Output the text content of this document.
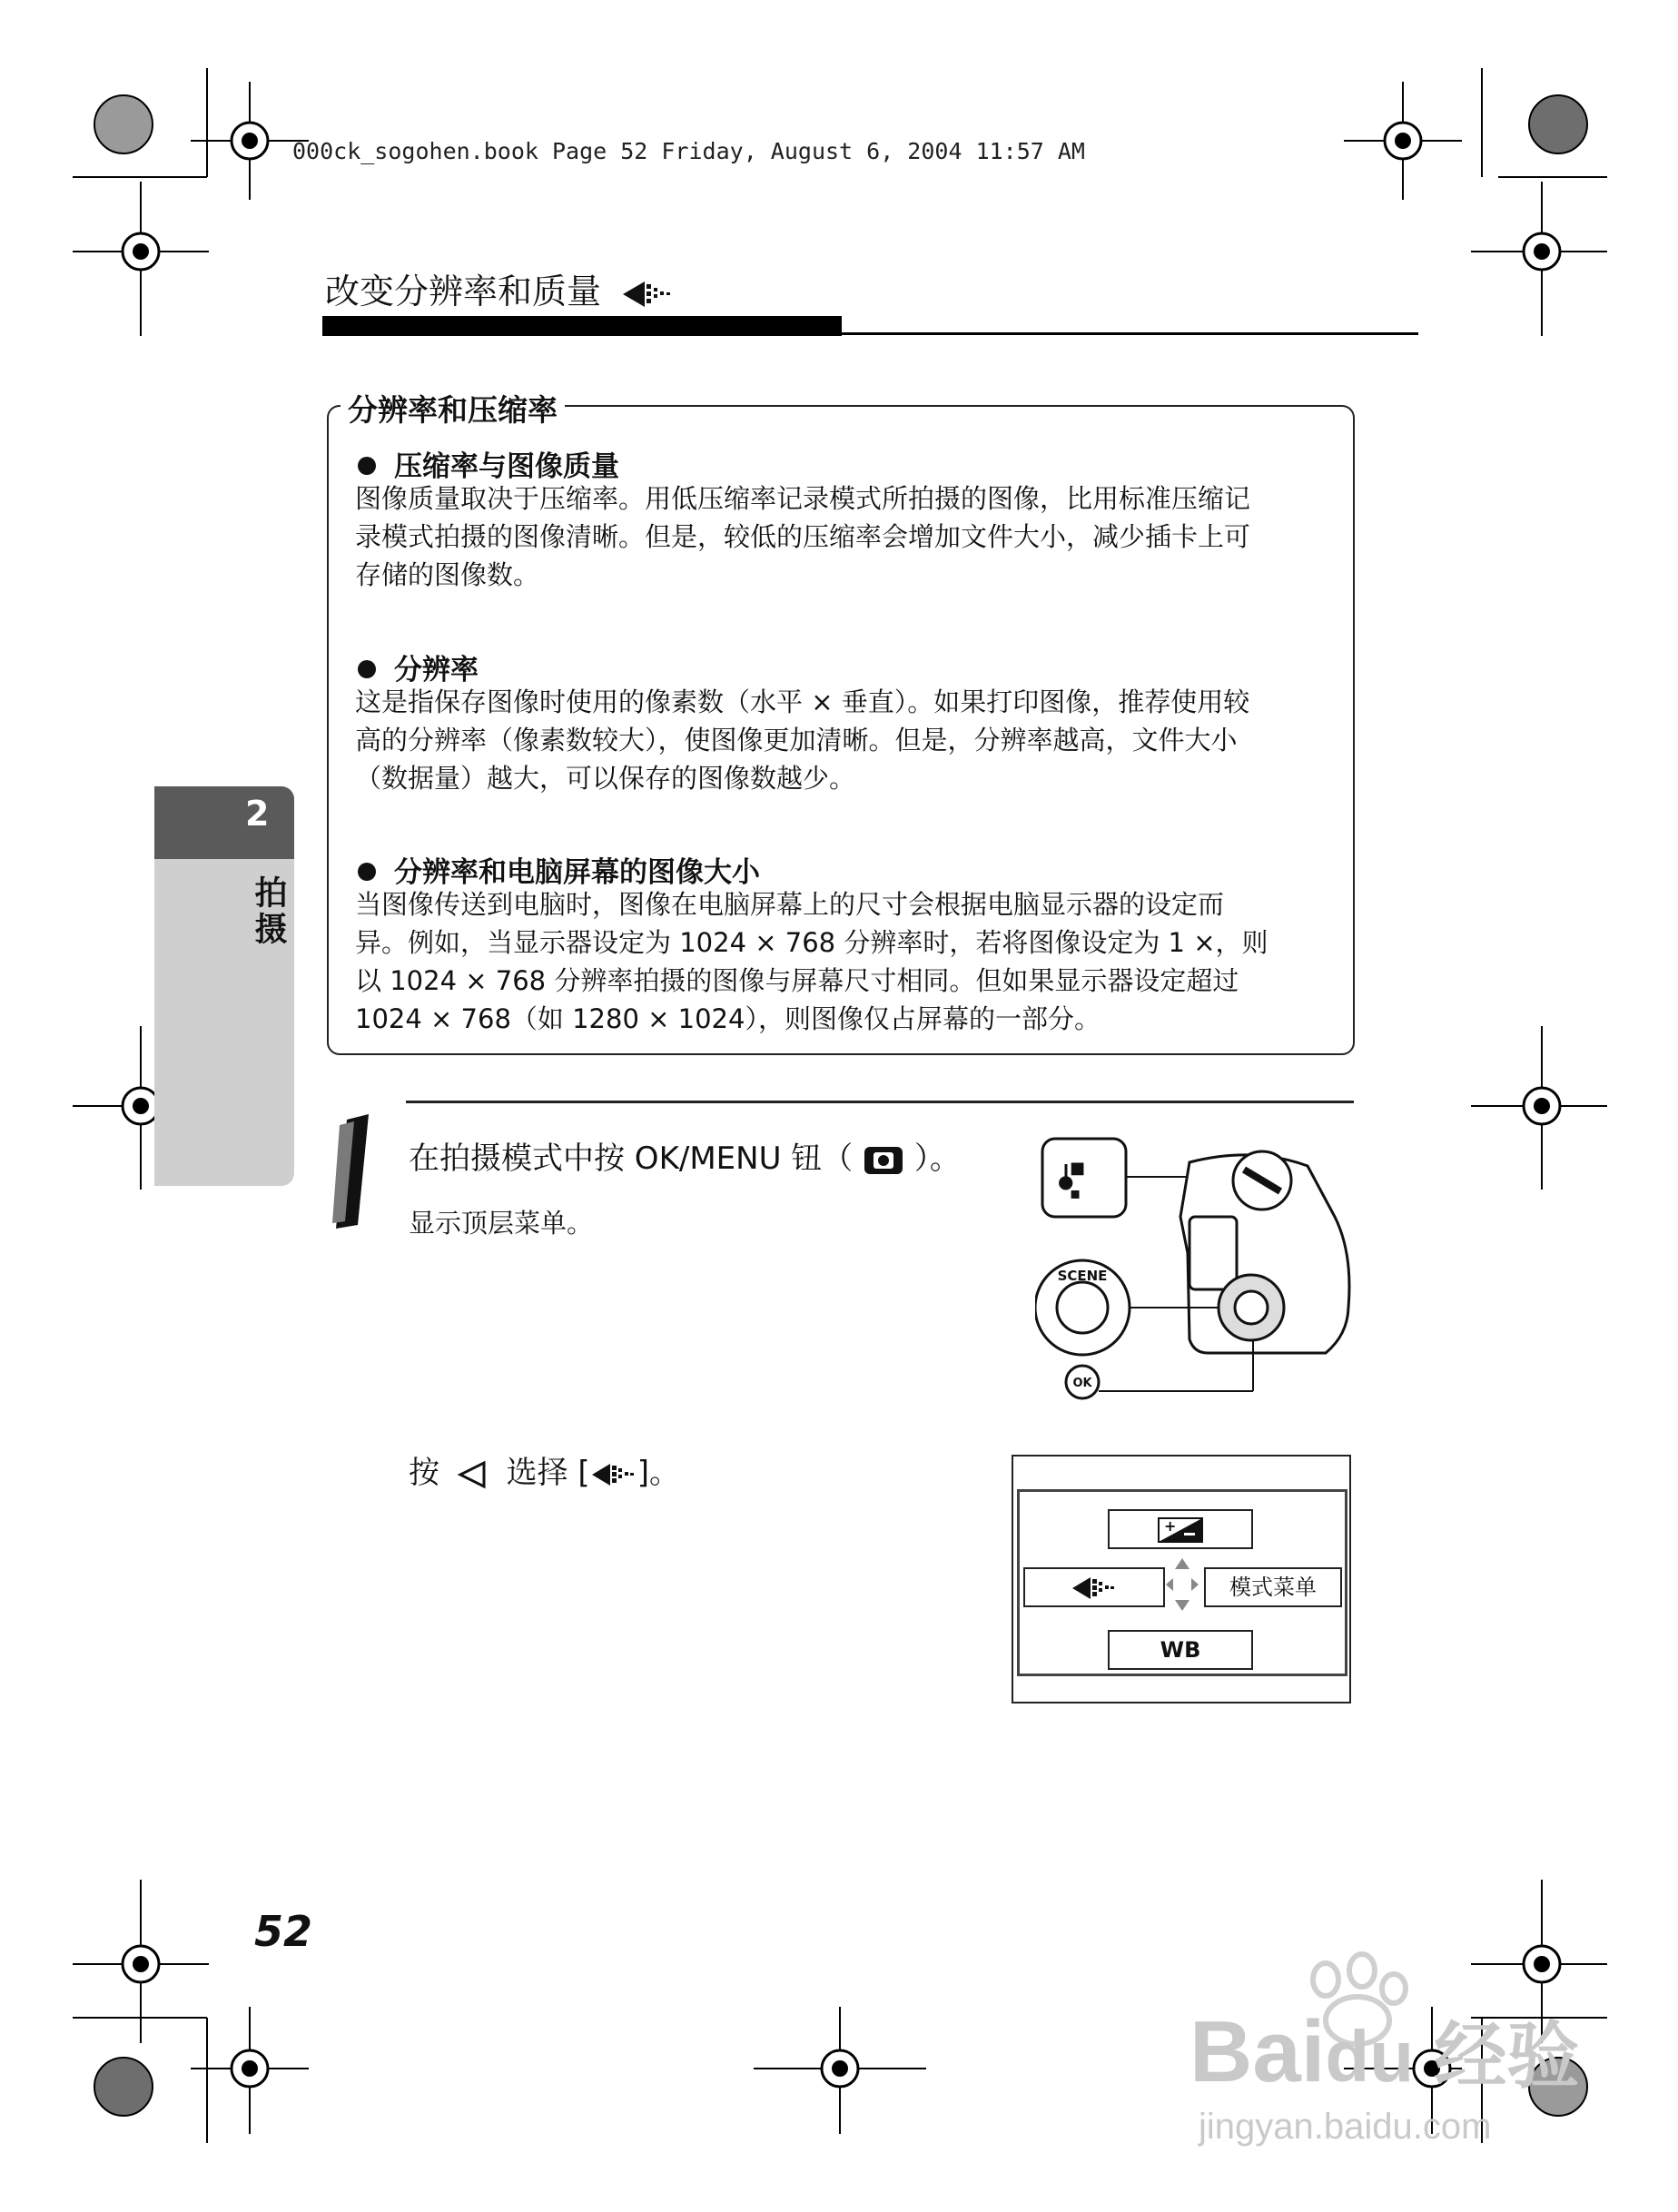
000ck_sogohen.book Page 52 Friday, August 6, 2004 11:57 AM
改变分辨率和质量
分辨率和压缩率
压缩率与图像质量
图像质量取决于压缩率。用低压缩率记录模式所拍摄的图像，比用标准压缩记
录模式拍摄的图像清晰。但是，较低的压缩率会增加文件大小，减少插卡上可
存储的图像数。
分辨率
这是指保存图像时使用的像素数（水平 × 垂直）。如果打印图像，推荐使用较
高的分辨率（像素数较大），使图像更加清晰。但是，分辨率越高，文件大小
（数据量）越大，可以保存的图像数越少。
分辨率和电脑屏幕的图像大小
当图像传送到电脑时，图像在电脑屏幕上的尺寸会根据电脑显示器的设定而
异。例如，当显示器设定为 1024 × 768 分辨率时，若将图像设定为 1 ×，则
以 1024 × 768 分辨率拍摄的图像与屏幕尺寸相同。但如果显示器设定超过
1024 × 768（如 1280 × 1024），则图像仅占屏幕的一部分。
2
拍摄
在拍摄模式中按 OK/MENU 钮（ ）。
显示顶层菜单。
●
■
▪
SCENE
OK
按 选择 [ ]。
+
模式菜单
WB
52
Baidu 经验
jingyan.baidu.com
